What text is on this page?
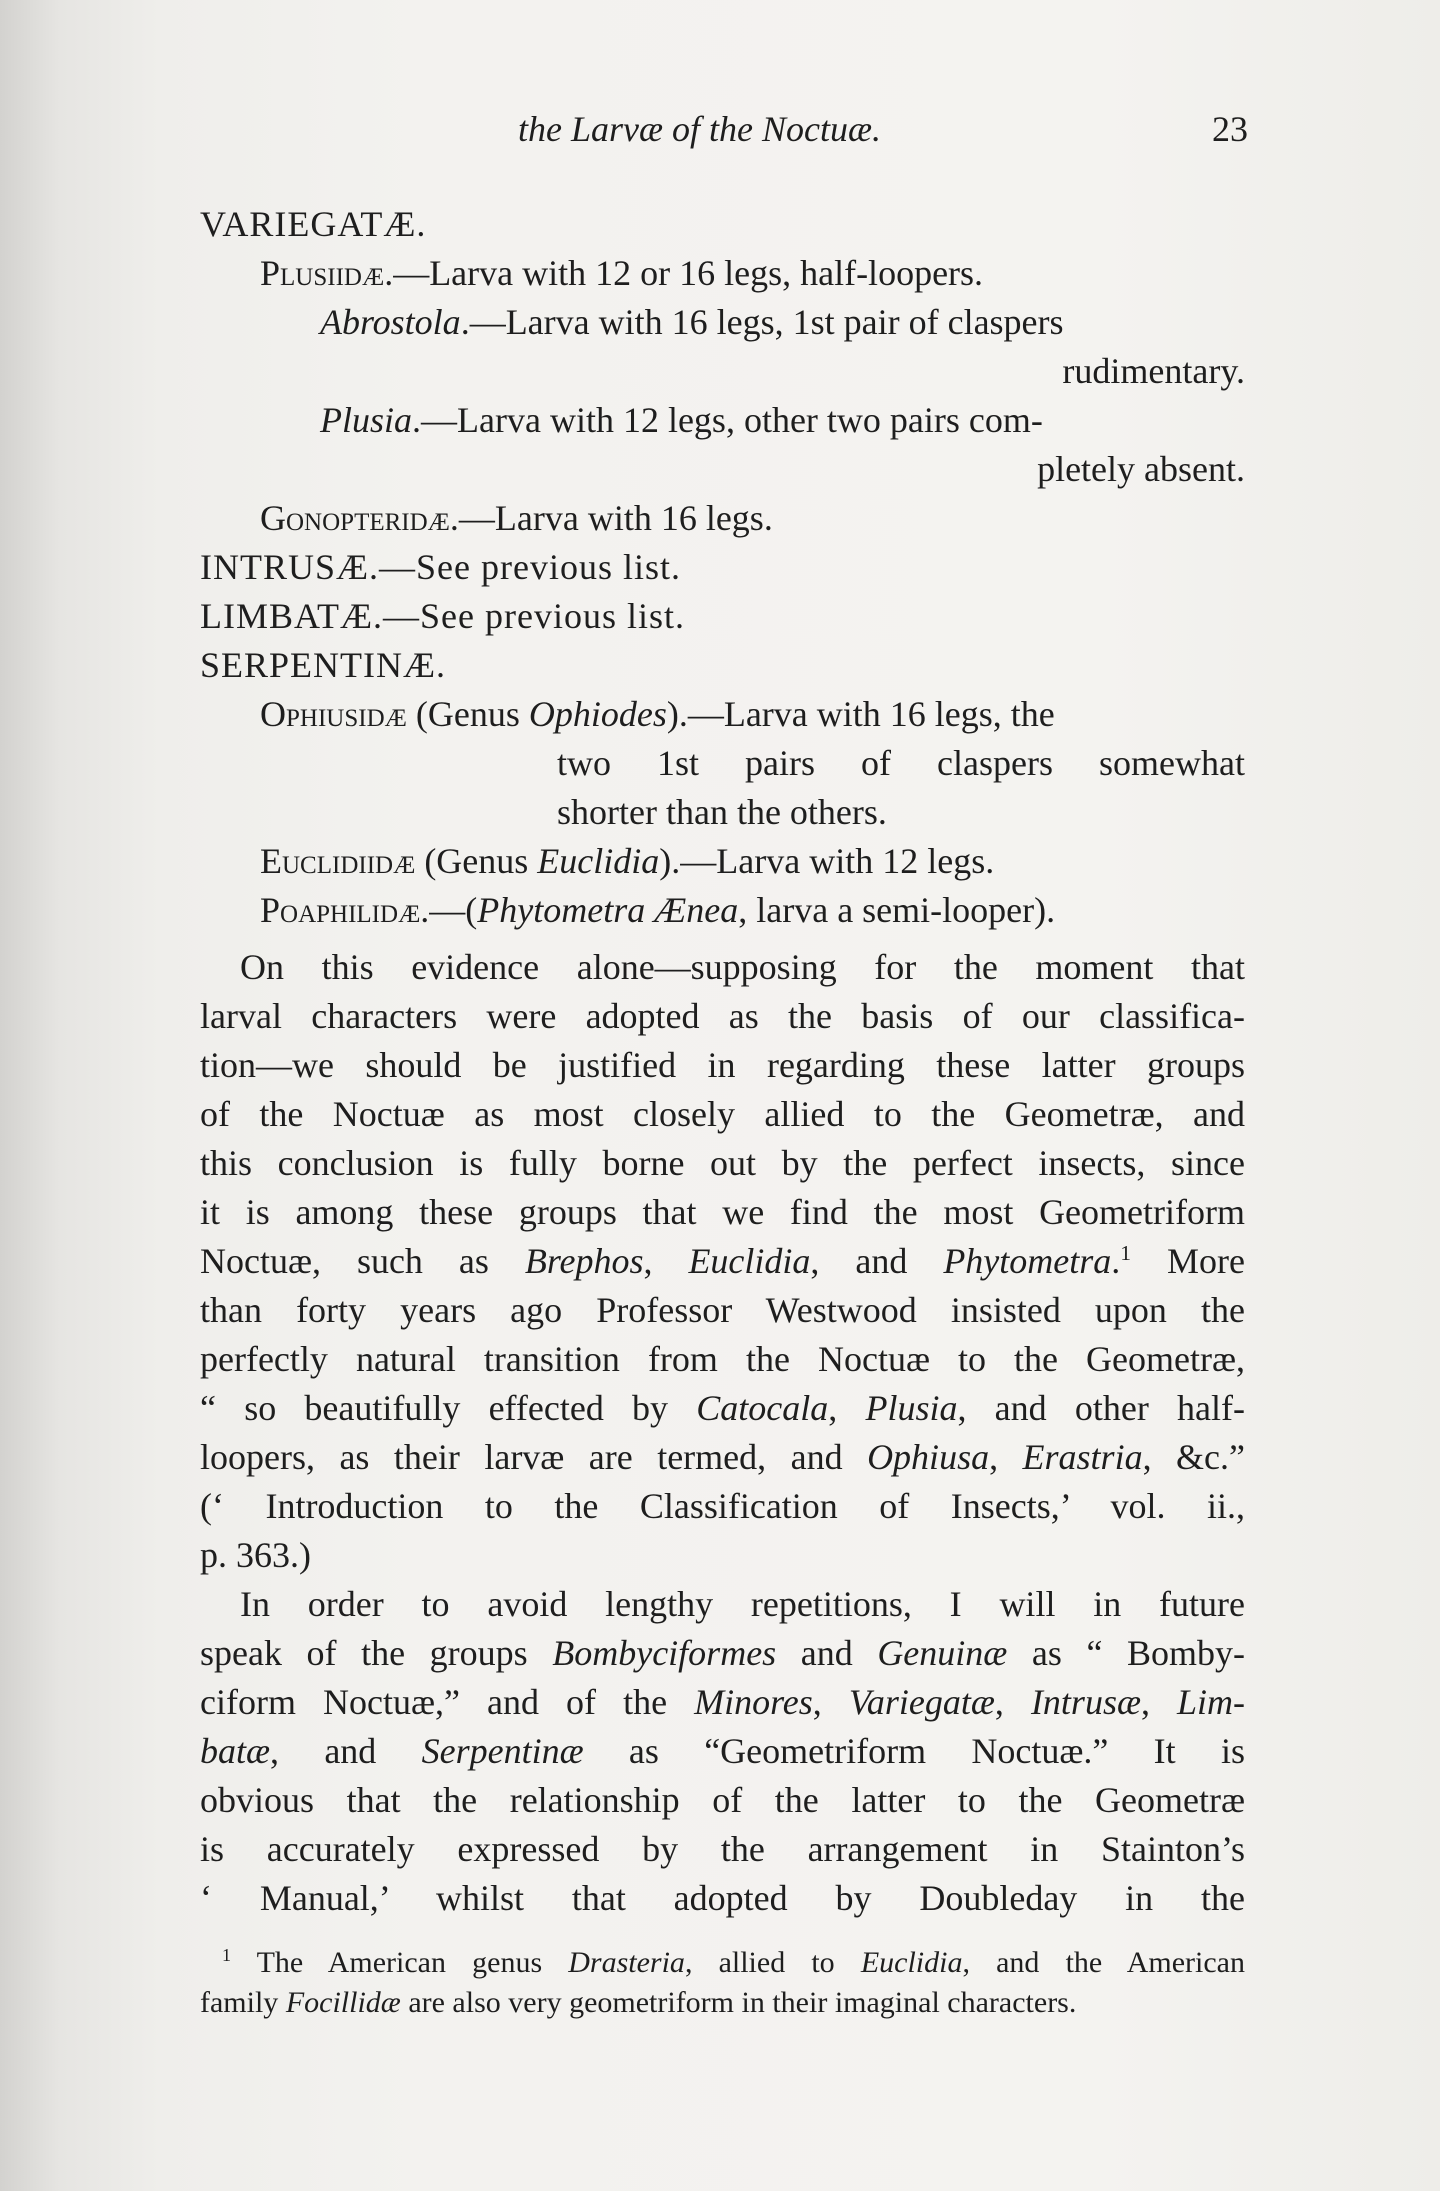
the Larvæ of the Noctuæ.	23
VARIEGATÆ.
Plusiidæ.—Larva with 12 or 16 legs, half-loopers.
Abrostola.—Larva with 16 legs, 1st pair of claspers
rudimentary.
Plusia.—Larva with 12 legs, other two pairs com-
pletely absent.
Gonopteridæ.—Larva with 16 legs.
INTRUSÆ.—See previous list.
LIMBATÆ.—See previous list.
SERPENTINÆ.
Ophiusidæ (Genus Ophiodes).—Larva with 16 legs, the
two 1st pairs of claspers somewhat
shorter than the others.
Euclidiidæ (Genus Euclidia).—Larva with 12 legs.
Poaphilidæ.—(Phytometra Ænea, larva a semi-looper).
On this evidence alone—supposing for the moment that
larval characters were adopted as the basis of our classifica-
tion—we should be justified in regarding these latter groups
of the Noctuæ as most closely allied to the Geometræ, and
this conclusion is fully borne out by the perfect insects, since
it is among these groups that we find the most Geometriform
Noctuæ, such as Brephos, Euclidia, and Phytometra.$^1$ More
than forty years ago Professor Westwood insisted upon the
perfectly natural transition from the Noctuæ to the Geometræ,
“ so beautifully effected by Catocala, Plusia, and other half-
loopers, as their larvæ are termed, and Ophiusa, Erastria, &c.”
(‘ Introduction to the Classification of Insects,’ vol. ii.,
p. 363.)
In order to avoid lengthy repetitions, I will in future
speak of the groups Bombyciformes and Genuinæ as “ Bomby-
ciform Noctuæ,” and of the Minores, Variegatæ, Intrusæ, Lim-
batæ, and Serpentinæ as “Geometriform Noctuæ.” It is
obvious that the relationship of the latter to the Geometræ
is accurately expressed by the arrangement in Stainton’s
‘ Manual,’ whilst that adopted by Doubleday in the
$^1$ The American genus Drasteria, allied to Euclidia, and the American
family Focillidæ are also very geometriform in their imaginal characters.
